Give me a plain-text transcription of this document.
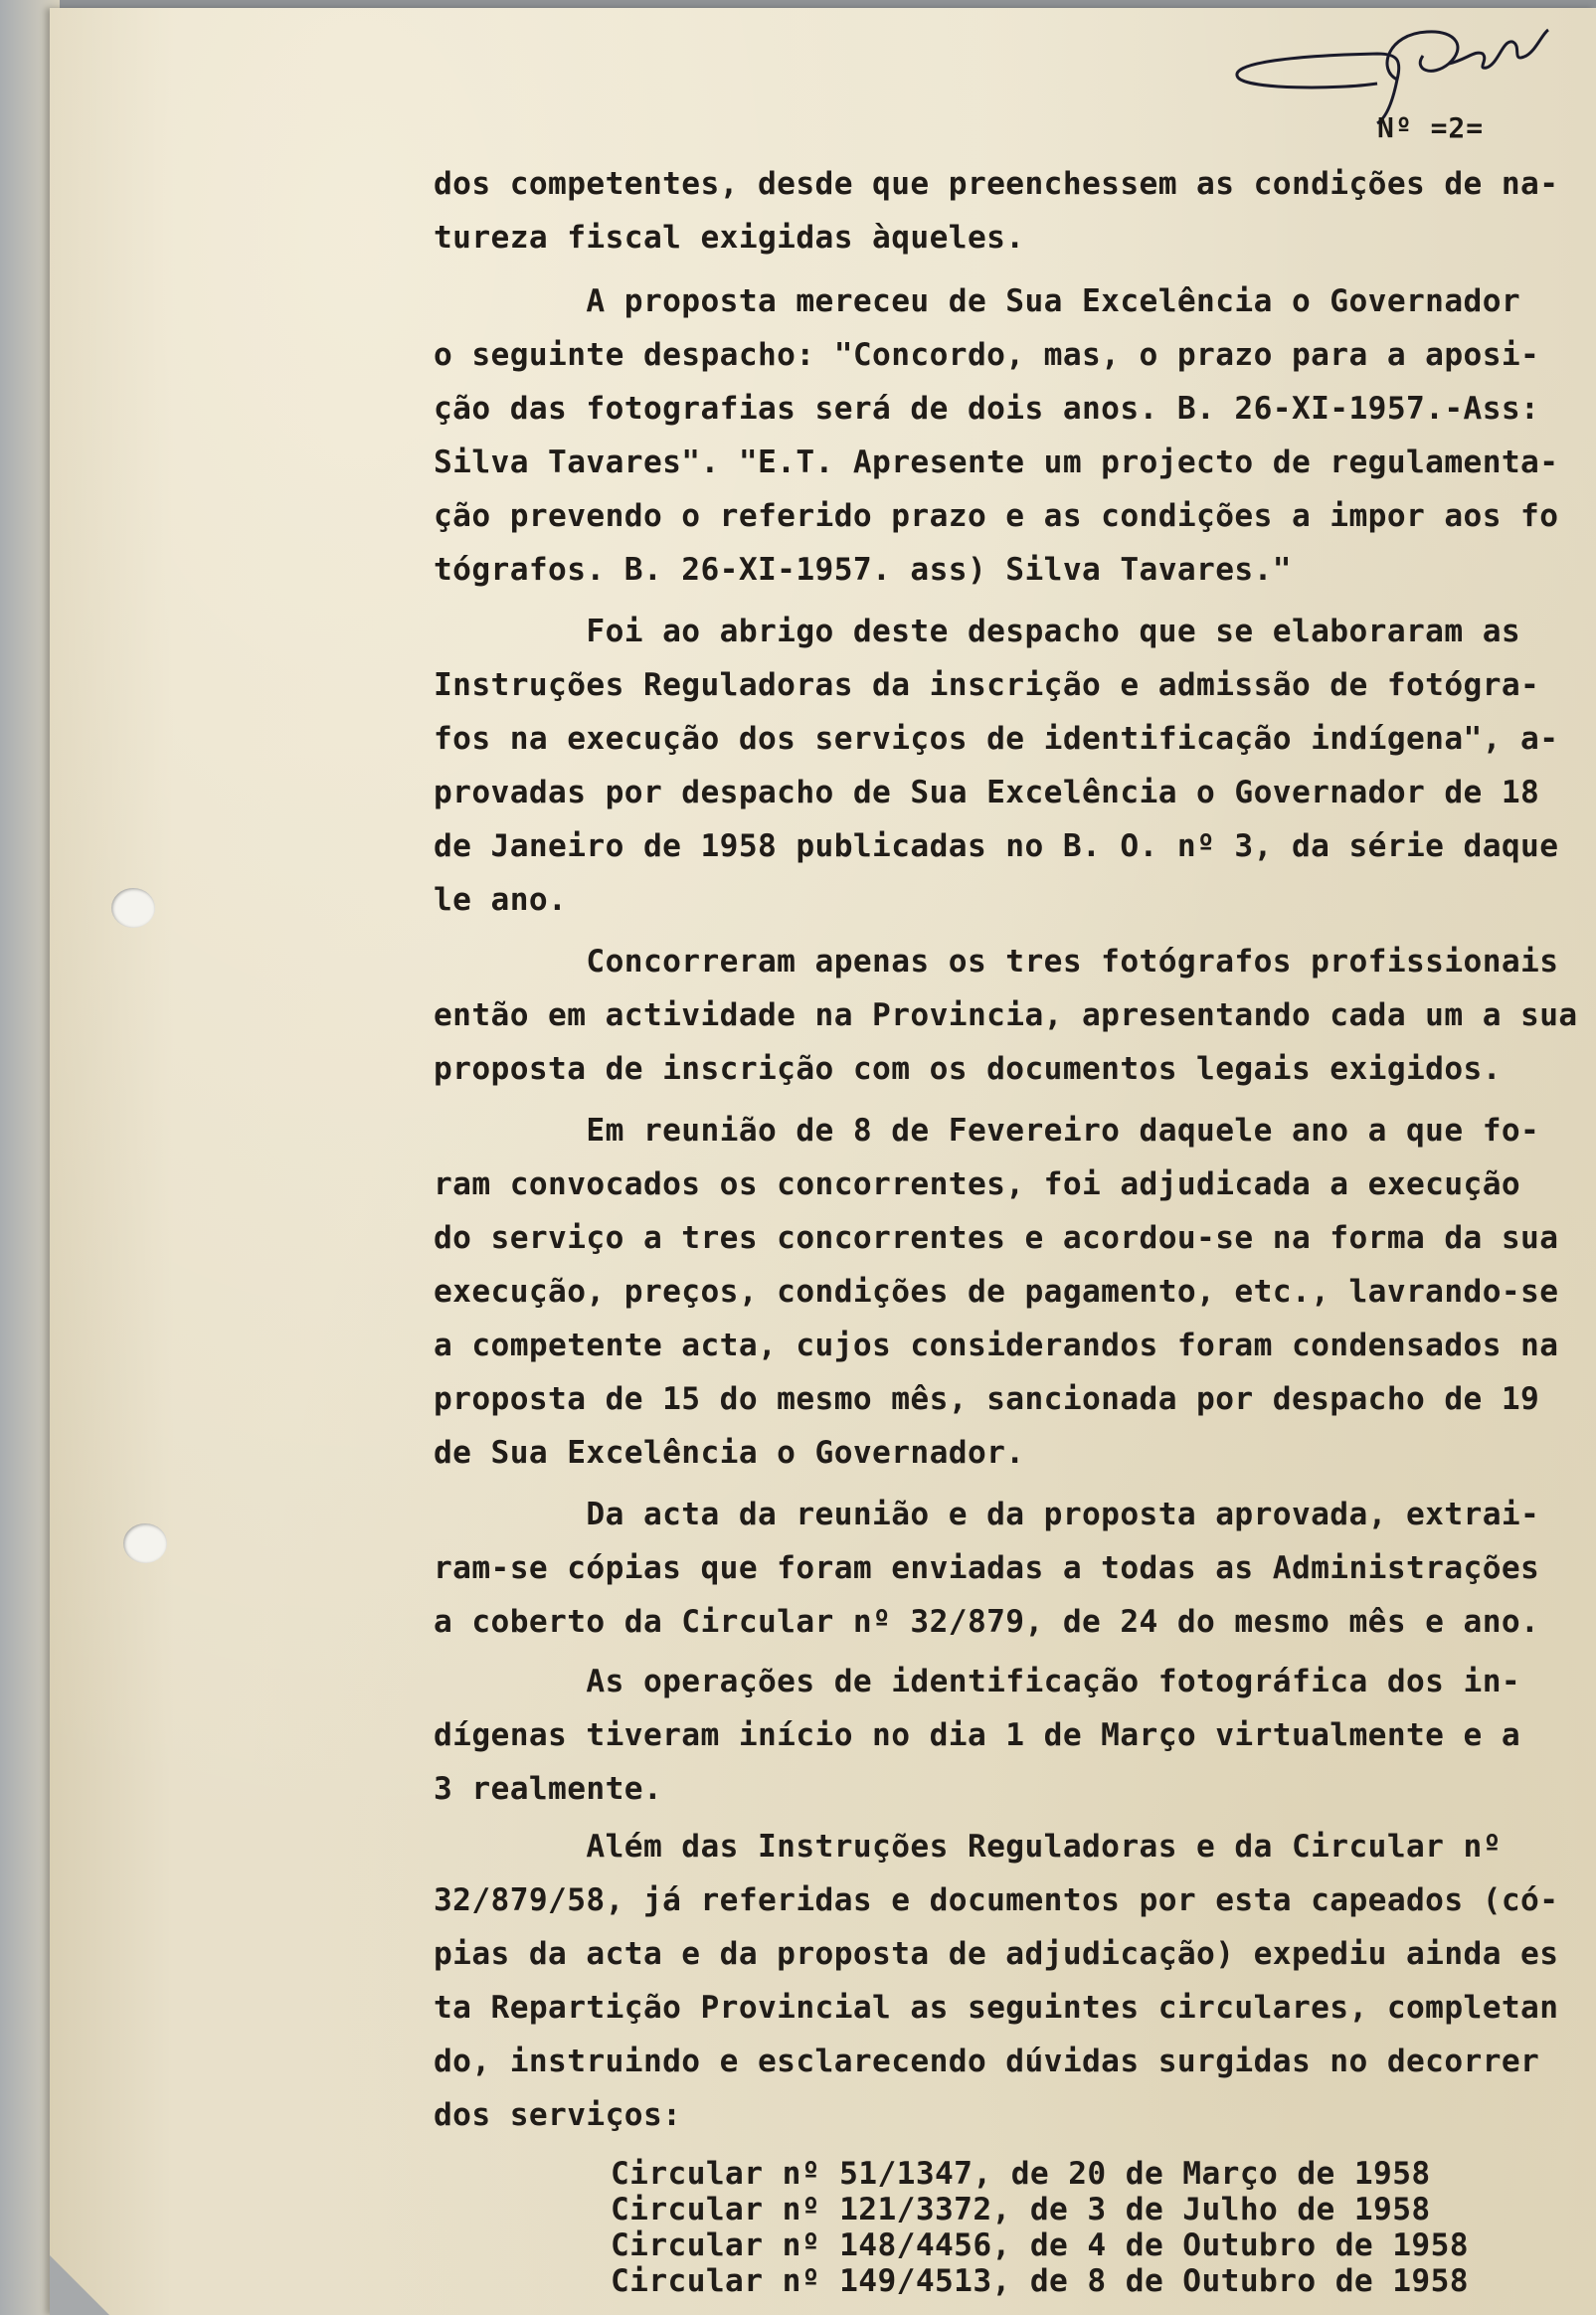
Nº =2=
dos competentes, desde que preenchessem as condições de na-
tureza fiscal exigidas àqueles.
A proposta mereceu de Sua Excelência o Governador
o seguinte despacho: "Concordo, mas, o prazo para a aposi-
ção das fotografias será de dois anos. B. 26-XI-1957.-Ass:
Silva Tavares". "E.T. Apresente um projecto de regulamenta-
ção prevendo o referido prazo e as condições a impor aos fo
tógrafos. B. 26-XI-1957. ass) Silva Tavares."
Foi ao abrigo deste despacho que se elaboraram as
Instruções Reguladoras da inscrição e admissão de fotógra-
fos na execução dos serviços de identificação indígena", a-
provadas por despacho de Sua Excelência o Governador de 18
de Janeiro de 1958 publicadas no B. O. nº 3, da série daque
le ano.
Concorreram apenas os tres fotógrafos profissionais
então em actividade na Provincia, apresentando cada um a sua
proposta de inscrição com os documentos legais exigidos.
Em reunião de 8 de Fevereiro daquele ano a que fo-
ram convocados os concorrentes, foi adjudicada a execução
do serviço a tres concorrentes e acordou-se na forma da sua
execução, preços, condições de pagamento, etc., lavrando-se
a competente acta, cujos considerandos foram condensados na
proposta de 15 do mesmo mês, sancionada por despacho de 19
de Sua Excelência o Governador.
Da acta da reunião e da proposta aprovada, extrai-
ram-se cópias que foram enviadas a todas as Administrações
a coberto da Circular nº 32/879, de 24 do mesmo mês e ano.
As operações de identificação fotográfica dos in-
dígenas tiveram início no dia 1 de Março virtualmente e a
3 realmente.
Além das Instruções Reguladoras e da Circular nº
32/879/58, já referidas e documentos por esta capeados (có-
pias da acta e da proposta de adjudicação) expediu ainda es
ta Repartição Provincial as seguintes circulares, completan
do, instruindo e esclarecendo dúvidas surgidas no decorrer
dos serviços:
Circular nº 51/1347, de 20 de Março de 1958
Circular nº 121/3372, de 3 de Julho de 1958
Circular nº 148/4456, de 4 de Outubro de 1958
Circular nº 149/4513, de 8 de Outubro de 1958
